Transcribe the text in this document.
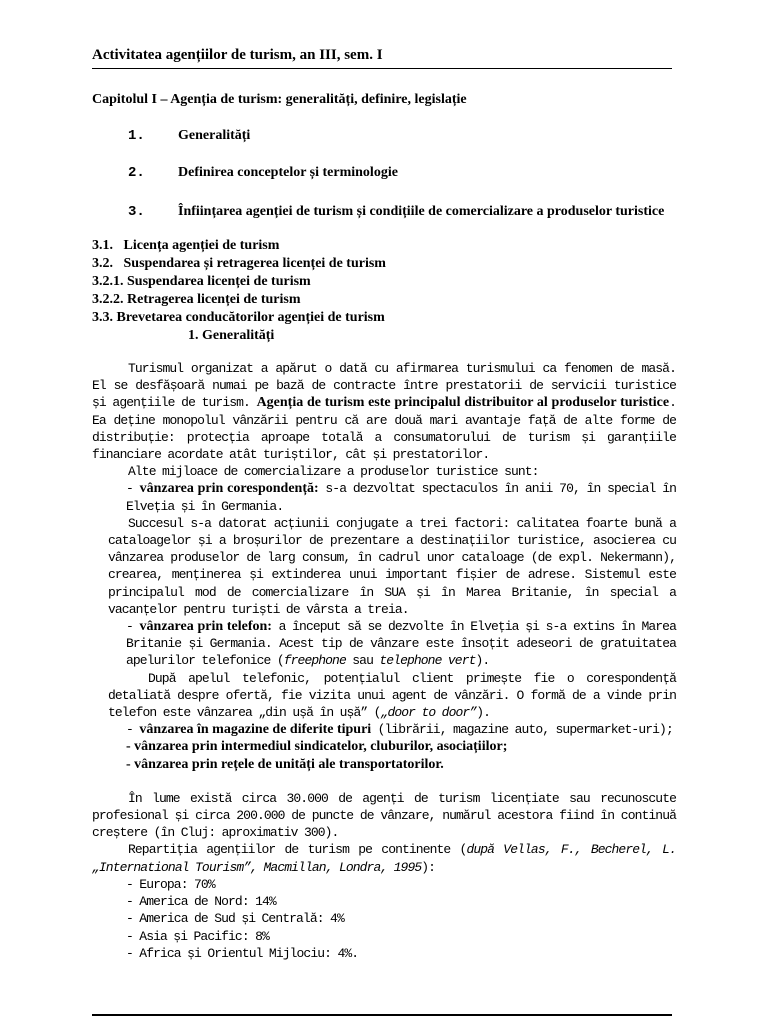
Activitatea agențiilor de turism, an III, sem. I
Capitolul I – Agenția de turism: generalități, definire, legislație
1.	Generalități
2.	Definirea conceptelor și terminologie
3. Înființarea agenției de turism și condițiile de comercializare a produselor turistice
3.1.   Licența agenției de turism
3.2.   Suspendarea și retragerea licenței de turism
3.2.1. Suspendarea licenței de turism
3.2.2. Retragerea licenței de turism
3.3. Brevetarea conducătorilor agenției de turism
1. Generalități

Turismul organizat a apărut o dată cu afirmarea turismului ca fenomen de masă. El se desfășoară numai pe bază de contracte între prestatorii de servicii turistice și agențiile de turism. Agenția de turism este principalul distribuitor al produselor turistice. Ea deține monopolul vânzării pentru că are două mari avantaje față de alte forme de distribuție: protecția aproape totală a consumatorului de turism și garanțiile financiare acordate atât turiștilor, cât și prestatorilor.

Alte mijloace de comercializare a produselor turistice sunt:

- vânzarea prin corespondență: s-a dezvoltat spectaculos în anii 70, în special în Elveția și în Germania.

Succesul s-a datorat acțiunii conjugate a trei factori: calitatea foarte bună a cataloagelor și a broșurilor de prezentare a destinațiilor turistice, asocierea cu vânzarea produselor de larg consum, în cadrul unor cataloage (de expl. Nekermann), crearea, menținerea și extinderea unui important fișier de adrese. Sistemul este principalul mod de comercializare în SUA și în Marea Britanie, în special a vacanțelor pentru turiști de vârsta a treia.

- vânzarea prin telefon: a început să se dezvolte în Elveția și s-a extins în Marea Britanie și Germania. Acest tip de vânzare este însoțit adeseori de gratuitatea apelurilor telefonice (freephone sau telephone vert).

După apelul telefonic, potențialul client primește fie o corespondență detaliată despre ofertă, fie vizita unui agent de vânzări. O formă de a vinde prin telefon este vânzarea „din ușă în ușă” („door to door”).

- vânzarea în magazine de diferite tipuri (librării, magazine auto, supermarket-uri);

- vânzarea prin intermediul sindicatelor, cluburilor, asociațiilor;

- vânzarea prin rețele de unități ale transportatorilor.

În lume există circa 30.000 de agenți de turism licențiate sau recunoscute profesional și circa 200.000 de puncte de vânzare, numărul acestora fiind în continuă creștere (în Cluj: aproximativ 300).

Repartiția agențiilor de turism pe continente (după Vellas, F., Becherel, L. „International Tourism”, Macmillan, Londra, 1995):

- Europa: 70%
- America de Nord: 14%
- America de Sud și Centrală: 4%
- Asia și Pacific: 8%
- Africa și Orientul Mijlociu: 4%.
